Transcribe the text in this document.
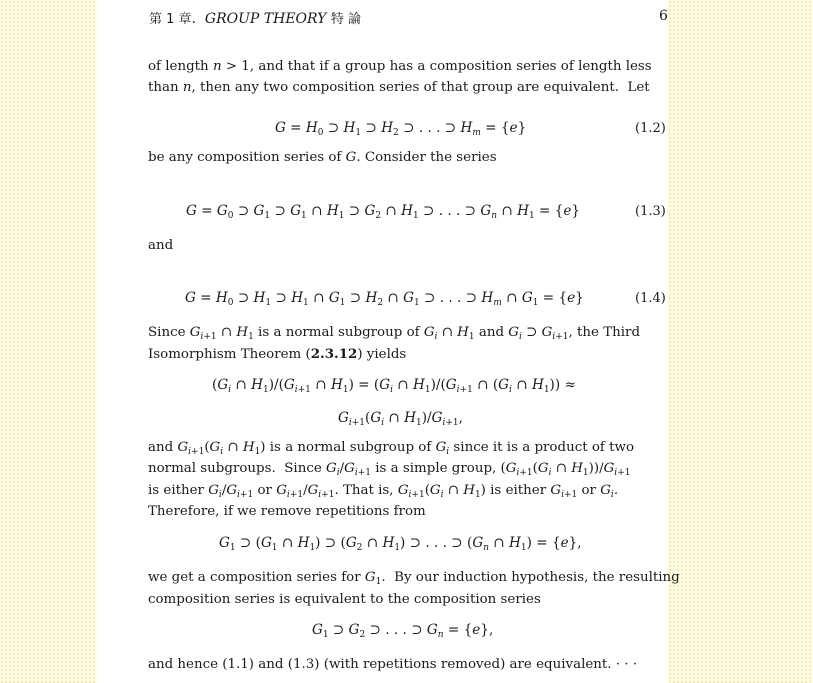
第 1 章.  GROUP THEORY 特 論	6
of length n > 1, and that if a group has a composition series of length less
than n, then any two composition series of that group are equivalent.  Let
$G = H_0$ ⊃ $H_1$ ⊃ $H_2$ ⊃ . . . ⊃ $H_m = \{e\}$	(1.2)
be any composition series of G. Consider the series
$G = G_0$ ⊃ $G_1$ ⊃ $G_1$ ∩ $H_1$ ⊃ $G_2$ ∩ $H_1$ ⊃ . . . ⊃ $G_n$ ∩ $H_1 = \{e\}$	(1.3)
and
$G = H_0$ ⊃ $H_1$ ⊃ $H_1$ ∩ $G_1$ ⊃ $H_2$ ∩ $G_1$ ⊃ . . . ⊃ $H_m$ ∩ $G_1 = \{e\}$	(1.4)
Since $G_{i+1}$ ∩ $H_1$ is a normal subgroup of $G_i$ ∩ $H_1$ and $G_i$ ⊃ $G_{i+1}$, the Third
Isomorphism Theorem (2.3.12) yields
($G_i$ ∩ $H_1)/(G_{i+1}$ ∩ $H_1) = (G_i$ ∩ $H_1)/(G_{i+1}$ ∩ ($G_i$ ∩ $H_1$)) ≈
$G_{i+1}(G_i$ ∩ $H_1)/G_{i+1}$,
and $G_{i+1}(G_i$ ∩ $H_1$) is a normal subgroup of $G_i$ since it is a product of two
normal subgroups.  Since $G_i/G_{i+1}$ is a simple group, ($G_{i+1}(G_i$ ∩ $H_1))/G_{i+1}$
is either $G_i/G_{i+1}$ or $G_{i+1}/G_{i+1}$. That is, $G_{i+1}(G_i$ ∩ $H_1$) is either $G_{i+1}$ or $G_i$.
Therefore, if we remove repetitions from
$G_1$ ⊃ ($G_1$ ∩ $H_1$) ⊃ ($G_2$ ∩ $H_1$) ⊃ . . . ⊃ ($G_n$ ∩ $H_1) = \{e\}$,
we get a composition series for $G_1$.  By our induction hypothesis, the resulting
composition series is equivalent to the composition series
$G_1$ ⊃ $G_2$ ⊃ . . . ⊃ $G_n = \{e\}$,
and hence (1.1) and (1.3) (with repetitions removed) are equivalent. · · ·
